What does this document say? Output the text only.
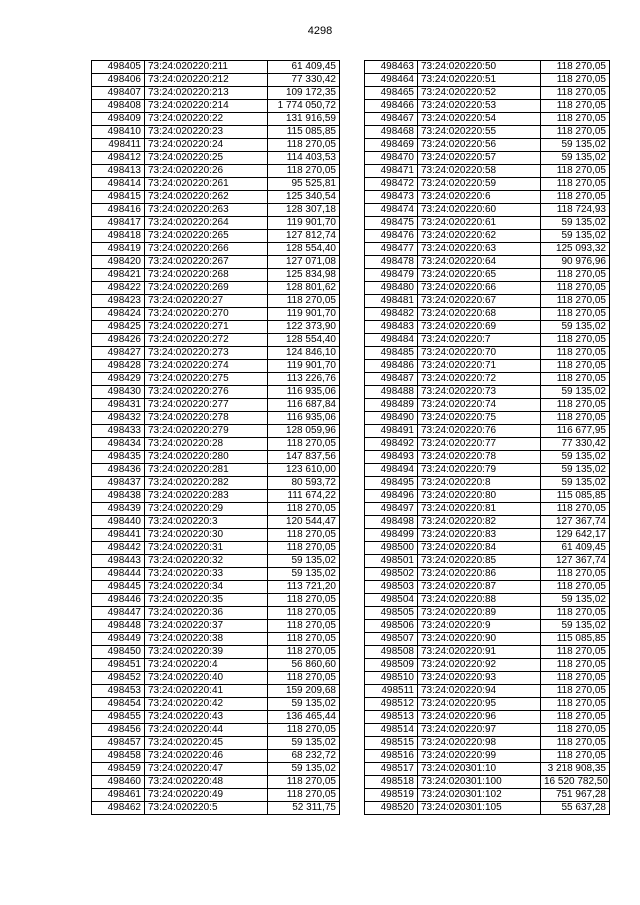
4298
498405	73:24:020220:211	61 409,45
498406	73:24:020220:212	77 330,42
498407	73:24:020220:213	109 172,35
498408	73:24:020220:214	1 774 050,72
498409	73:24:020220:22	131 916,59
498410	73:24:020220:23	115 085,85
498411	73:24:020220:24	118 270,05
498412	73:24:020220:25	114 403,53
498413	73:24:020220:26	118 270,05
498414	73:24:020220:261	95 525,81
498415	73:24:020220:262	125 340,54
498416	73:24:020220:263	128 307,18
498417	73:24:020220:264	119 901,70
498418	73:24:020220:265	127 812,74
498419	73:24:020220:266	128 554,40
498420	73:24:020220:267	127 071,08
498421	73:24:020220:268	125 834,98
498422	73:24:020220:269	128 801,62
498423	73:24:020220:27	118 270,05
498424	73:24:020220:270	119 901,70
498425	73:24:020220:271	122 373,90
498426	73:24:020220:272	128 554,40
498427	73:24:020220:273	124 846,10
498428	73:24:020220:274	119 901,70
498429	73:24:020220:275	113 226,76
498430	73:24:020220:276	116 935,06
498431	73:24:020220:277	116 687,84
498432	73:24:020220:278	116 935,06
498433	73:24:020220:279	128 059,96
498434	73:24:020220:28	118 270,05
498435	73:24:020220:280	147 837,56
498436	73:24:020220:281	123 610,00
498437	73:24:020220:282	80 593,72
498438	73:24:020220:283	111 674,22
498439	73:24:020220:29	118 270,05
498440	73:24:020220:3	120 544,47
498441	73:24:020220:30	118 270,05
498442	73:24:020220:31	118 270,05
498443	73:24:020220:32	59 135,02
498444	73:24:020220:33	59 135,02
498445	73:24:020220:34	113 721,20
498446	73:24:020220:35	118 270,05
498447	73:24:020220:36	118 270,05
498448	73:24:020220:37	118 270,05
498449	73:24:020220:38	118 270,05
498450	73:24:020220:39	118 270,05
498451	73:24:020220:4	56 860,60
498452	73:24:020220:40	118 270,05
498453	73:24:020220:41	159 209,68
498454	73:24:020220:42	59 135,02
498455	73:24:020220:43	136 465,44
498456	73:24:020220:44	118 270,05
498457	73:24:020220:45	59 135,02
498458	73:24:020220:46	68 232,72
498459	73:24:020220:47	59 135,02
498460	73:24:020220:48	118 270,05
498461	73:24:020220:49	118 270,05
498462	73:24:020220:5	52 311,75
498463	73:24:020220:50	118 270,05
498464	73:24:020220:51	118 270,05
498465	73:24:020220:52	118 270,05
498466	73:24:020220:53	118 270,05
498467	73:24:020220:54	118 270,05
498468	73:24:020220:55	118 270,05
498469	73:24:020220:56	59 135,02
498470	73:24:020220:57	59 135,02
498471	73:24:020220:58	118 270,05
498472	73:24:020220:59	118 270,05
498473	73:24:020220:6	118 270,05
498474	73:24:020220:60	118 724,93
498475	73:24:020220:61	59 135,02
498476	73:24:020220:62	59 135,02
498477	73:24:020220:63	125 093,32
498478	73:24:020220:64	90 976,96
498479	73:24:020220:65	118 270,05
498480	73:24:020220:66	118 270,05
498481	73:24:020220:67	118 270,05
498482	73:24:020220:68	118 270,05
498483	73:24:020220:69	59 135,02
498484	73:24:020220:7	118 270,05
498485	73:24:020220:70	118 270,05
498486	73:24:020220:71	118 270,05
498487	73:24:020220:72	118 270,05
498488	73:24:020220:73	59 135,02
498489	73:24:020220:74	118 270,05
498490	73:24:020220:75	118 270,05
498491	73:24:020220:76	116 677,95
498492	73:24:020220:77	77 330,42
498493	73:24:020220:78	59 135,02
498494	73:24:020220:79	59 135,02
498495	73:24:020220:8	59 135,02
498496	73:24:020220:80	115 085,85
498497	73:24:020220:81	118 270,05
498498	73:24:020220:82	127 367,74
498499	73:24:020220:83	129 642,17
498500	73:24:020220:84	61 409,45
498501	73:24:020220:85	127 367,74
498502	73:24:020220:86	118 270,05
498503	73:24:020220:87	118 270,05
498504	73:24:020220:88	59 135,02
498505	73:24:020220:89	118 270,05
498506	73:24:020220:9	59 135,02
498507	73:24:020220:90	115 085,85
498508	73:24:020220:91	118 270,05
498509	73:24:020220:92	118 270,05
498510	73:24:020220:93	118 270,05
498511	73:24:020220:94	118 270,05
498512	73:24:020220:95	118 270,05
498513	73:24:020220:96	118 270,05
498514	73:24:020220:97	118 270,05
498515	73:24:020220:98	118 270,05
498516	73:24:020220:99	118 270,05
498517	73:24:020301:10	3 218 908,35
498518	73:24:020301:100	16 520 782,50
498519	73:24:020301:102	751 967,28
498520	73:24:020301:105	55 637,28
